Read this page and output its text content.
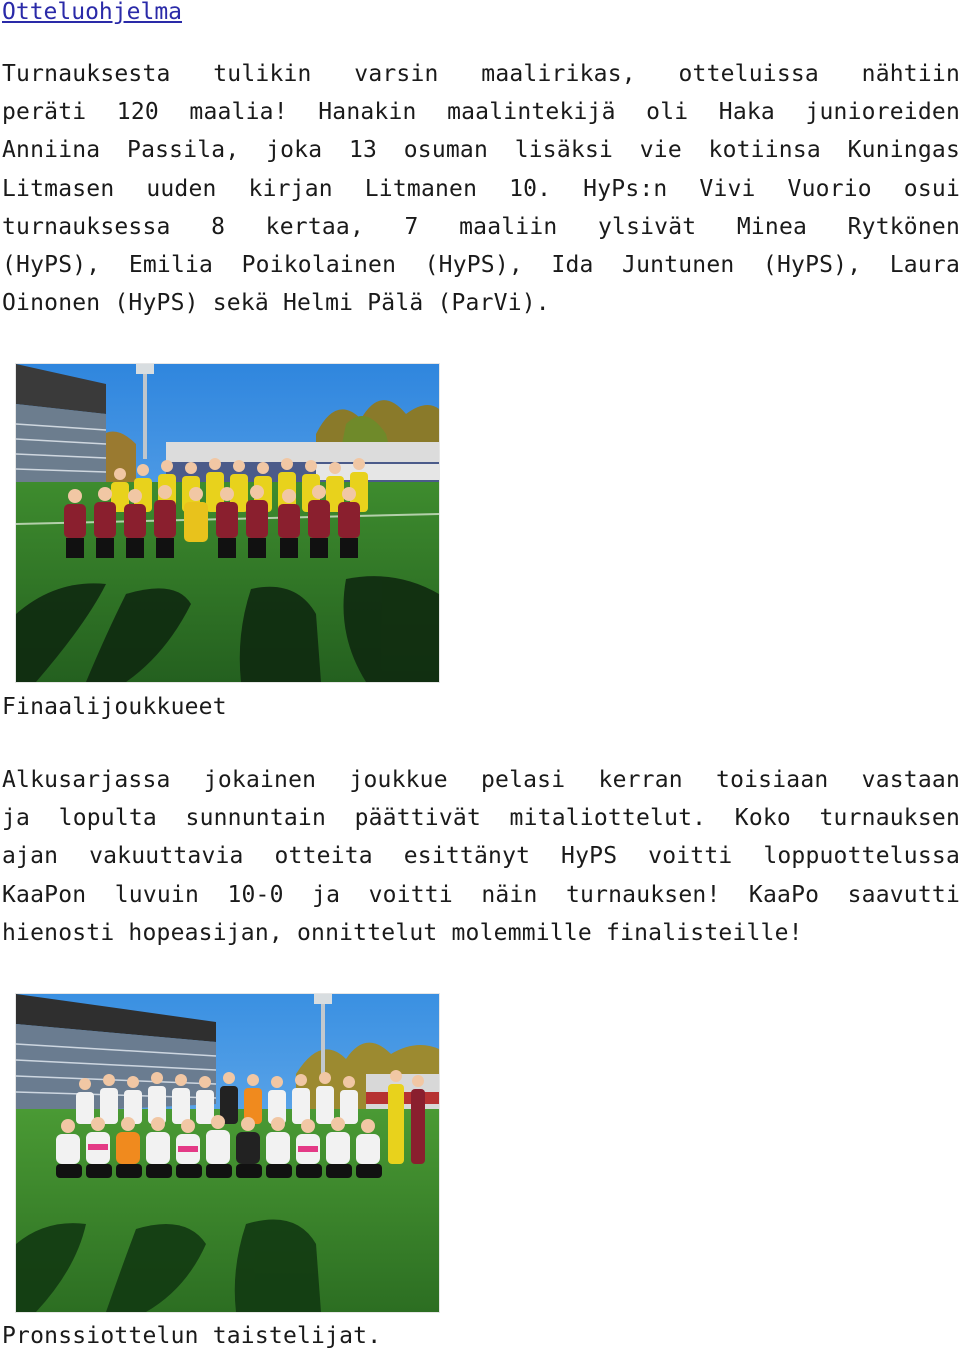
Otteluohjelma
Turnauksesta tulikin varsin maalirikas, otteluissa nähtiin
peräti 120 maalia! Hanakin maalintekijä oli Haka junioreiden
Anniina Passila, joka 13 osuman lisäksi vie kotiinsa Kuningas
Litmasen uuden kirjan Litmanen 10. HyPs:n Vivi Vuorio osui
turnauksessa 8 kertaa, 7 maaliin ylsivät Minea Rytkönen
(HyPS), Emilia Poikolainen (HyPS), Ida Juntunen (HyPS), Laura
Oinonen (HyPS) sekä Helmi Pälä (ParVi).
Finaalijoukkueet
Alkusarjassa jokainen joukkue pelasi kerran toisiaan vastaan
ja lopulta sunnuntain päättivät mitaliottelut. Koko turnauksen
ajan vakuuttavia otteita esittänyt HyPS voitti loppuottelussa
KaaPon luvuin 10-0 ja voitti näin turnauksen! KaaPo saavutti
hienosti hopeasijan, onnittelut molemmille finalisteille!
Pronssiottelun taistelijat.
